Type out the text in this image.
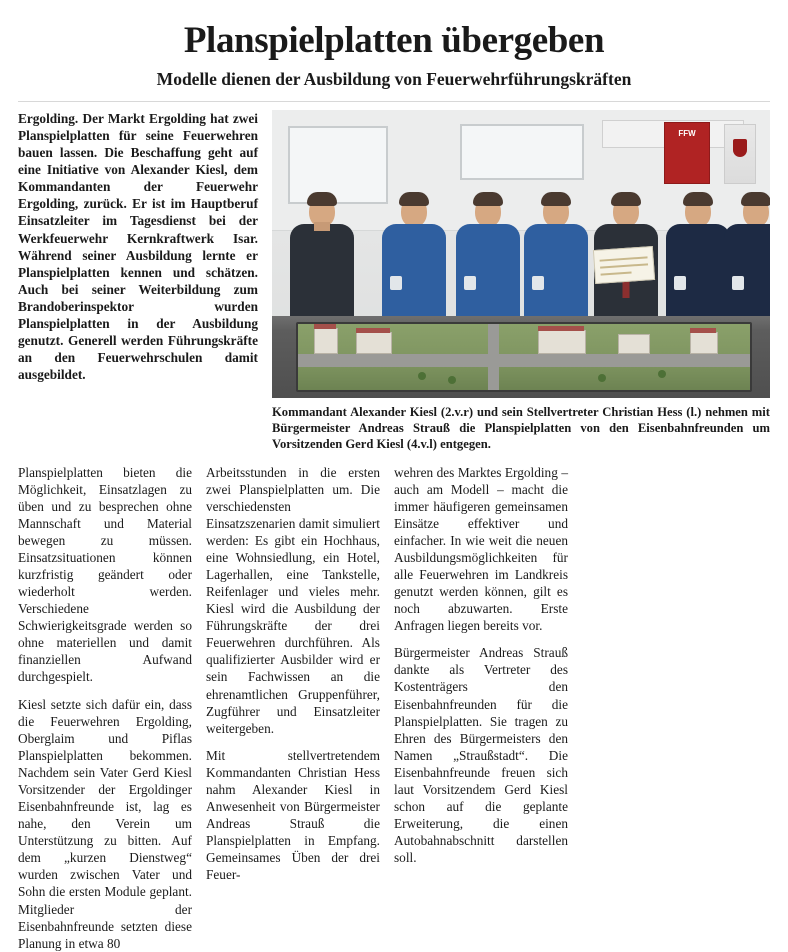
Planspielplatten übergeben
Modelle dienen der Ausbildung von Feuerwehrführungskräften

Ergolding. Der Markt Ergolding hat zwei Planspielplatten für seine Feuerwehren bauen lassen. Die Beschaffung geht auf eine Initiative von Alexander Kiesl, dem Kommandanten der Feuerwehr Ergolding, zurück. Er ist im Hauptberuf Einsatzleiter im Tagesdienst bei der Werkfeuerwehr Kernkraftwerk Isar. Während seiner Ausbildung lernte er Planspielplatten kennen und schätzen. Auch bei seiner Weiterbildung zum Brandoberinspektor wurden Planspielplatten in der Ausbildung genutzt. Generell werden Führungskräfte an den Feuerwehrschulen damit ausgebildet.

FFW
Kommandant Alexander Kiesl (2.v.r) und sein Stellvertreter Christian Hess (l.) nehmen mit Bürgermeister Andreas Strauß die Planspielplatten von den Eisenbahnfreunden um Vorsitzenden Gerd Kiesl (4.v.l) entgegen.

Planspielplatten bieten die Möglichkeit, Einsatzlagen zu üben und zu besprechen ohne Mannschaft und Material bewegen zu müssen. Einsatzsituationen können kurzfristig geändert oder wiederholt werden. Verschiedene Schwierigkeitsgrade werden so ohne materiellen und damit finanziellen Aufwand durchgespielt.

Kiesl setzte sich dafür ein, dass die Feuerwehren Ergolding, Oberglaim und Piflas Planspielplatten bekommen. Nachdem sein Vater Gerd Kiesl Vorsitzender der Ergoldinger Eisenbahnfreunde ist, lag es nahe, den Verein um Unterstützung zu bitten. Auf dem „kurzen Dienstweg“ wurden zwischen Vater und Sohn die ersten Module geplant. Mitglieder der Eisenbahnfreunde setzten diese Planung in etwa 80

Arbeitsstunden in die ersten zwei Planspielplatten um. Die verschiedensten Einsatzszenarien damit simuliert werden: Es gibt ein Hochhaus, eine Wohnsiedlung, ein Hotel, Lagerhallen, eine Tankstelle, Reifenlager und vieles mehr. Kiesl wird die Ausbildung der Führungskräfte der drei Feuerwehren durchführen. Als qualifizierter Ausbilder wird er sein Fachwissen an die ehrenamtlichen Gruppenführer, Zugführer und Einsatzleiter weitergeben.

Mit stellvertretendem Kommandanten Christian Hess nahm Alexander Kiesl in Anwesenheit von Bürgermeister Andreas Strauß die Planspielplatten in Empfang. Gemeinsames Üben der drei Feuer-

wehren des Marktes Ergolding – auch am Modell – macht die immer häufigeren gemeinsamen Einsätze effektiver und einfacher. In wie weit die neuen Ausbildungsmöglichkeiten für alle Feuerwehren im Landkreis genutzt werden können, gilt es noch abzuwarten. Erste Anfragen liegen bereits vor.

Bürgermeister Andreas Strauß dankte als Vertreter des Kostenträgers den Eisenbahnfreunden für die Planspielplatten. Sie tragen zu Ehren des Bürgermeisters den Namen „Straußstadt“. Die Eisenbahnfreunde freuen sich laut Vorsitzendem Gerd Kiesl schon auf die geplante Erweiterung, die einen Autobahnabschnitt darstellen soll.
